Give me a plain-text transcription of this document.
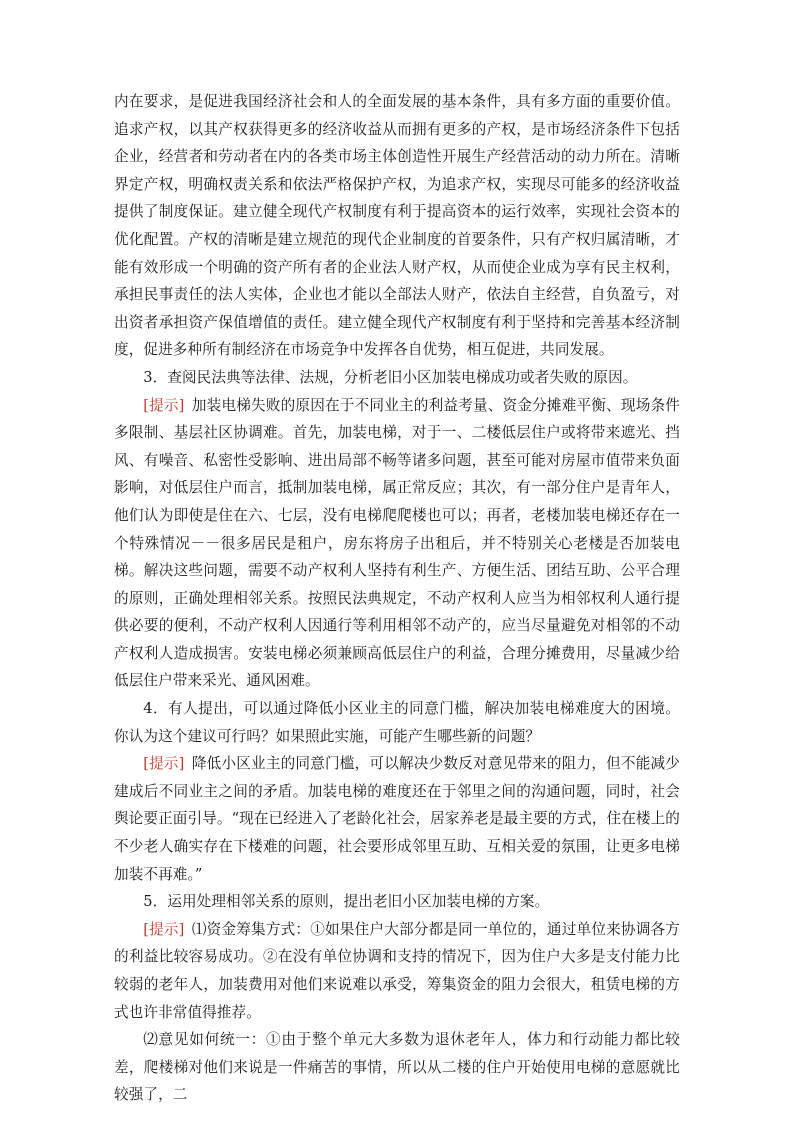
内在要求，是促进我国经济社会和人的全面发展的基本条件，具有多方面的重要价值。追求产权，以其产权获得更多的经济收益从而拥有更多的产权，是市场经济条件下包括企业，经营者和劳动者在内的各类市场主体创造性开展生产经营活动的动力所在。清晰界定产权，明确权责关系和依法严格保护产权，为追求产权，实现尽可能多的经济收益提供了制度保证。建立健全现代产权制度有利于提高资本的运行效率，实现社会资本的优化配置。产权的清晰是建立规范的现代企业制度的首要条件，只有产权归属清晰，才能有效形成一个明确的资产所有者的企业法人财产权，从而使企业成为享有民主权利，承担民事责任的法人实体，企业也才能以全部法人财产，依法自主经营，自负盈亏，对出资者承担资产保值增值的责任。建立健全现代产权制度有利于坚持和完善基本经济制度，促进多种所有制经济在市场竞争中发挥各自优势，相互促进，共同发展。

3．查阅民法典等法律、法规，分析老旧小区加装电梯成功或者失败的原因。

[提示] 加装电梯失败的原因在于不同业主的利益考量、资金分摊难平衡、现场条件多限制、基层社区协调难。首先，加装电梯，对于一、二楼低层住户或将带来遮光、挡风、有噪音、私密性受影响、进出局部不畅等诸多问题，甚至可能对房屋市值带来负面影响，对低层住户而言，抵制加装电梯，属正常反应；其次，有一部分住户是青年人，他们认为即使是住在六、七层，没有电梯爬爬楼也可以；再者，老楼加装电梯还存在一个特殊情况－－很多居民是租户，房东将房子出租后，并不特别关心老楼是否加装电梯。解决这些问题，需要不动产权利人坚持有利生产、方便生活、团结互助、公平合理的原则，正确处理相邻关系。按照民法典规定，不动产权利人应当为相邻权利人通行提供必要的便利，不动产权利人因通行等利用相邻不动产的，应当尽量避免对相邻的不动产权利人造成损害。安装电梯必须兼顾高低层住户的利益，合理分摊费用，尽量减少给低层住户带来采光、通风困难。

4．有人提出，可以通过降低小区业主的同意门槛，解决加装电梯难度大的困境。你认为这个建议可行吗？如果照此实施，可能产生哪些新的问题？

[提示] 降低小区业主的同意门槛，可以解决少数反对意见带来的阻力，但不能减少建成后不同业主之间的矛盾。加装电梯的难度还在于邻里之间的沟通问题，同时，社会舆论要正面引导。“现在已经进入了老龄化社会，居家养老是最主要的方式，住在楼上的不少老人确实存在下楼难的问题，社会要形成邻里互助、互相关爱的氛围，让更多电梯加装不再难。”

5．运用处理相邻关系的原则，提出老旧小区加装电梯的方案。

[提示] ⑴资金筹集方式：①如果住户大部分都是同一单位的，通过单位来协调各方的利益比较容易成功。②在没有单位协调和支持的情况下，因为住户大多是支付能力比较弱的老年人，加装费用对他们来说难以承受，筹集资金的阻力会很大，租赁电梯的方式也许非常值得推荐。

⑵意见如何统一：①由于整个单元大多数为退休老年人，体力和行动能力都比较差，爬楼梯对他们来说是一件痛苦的事情，所以从二楼的住户开始使用电梯的意愿就比较强了，二
